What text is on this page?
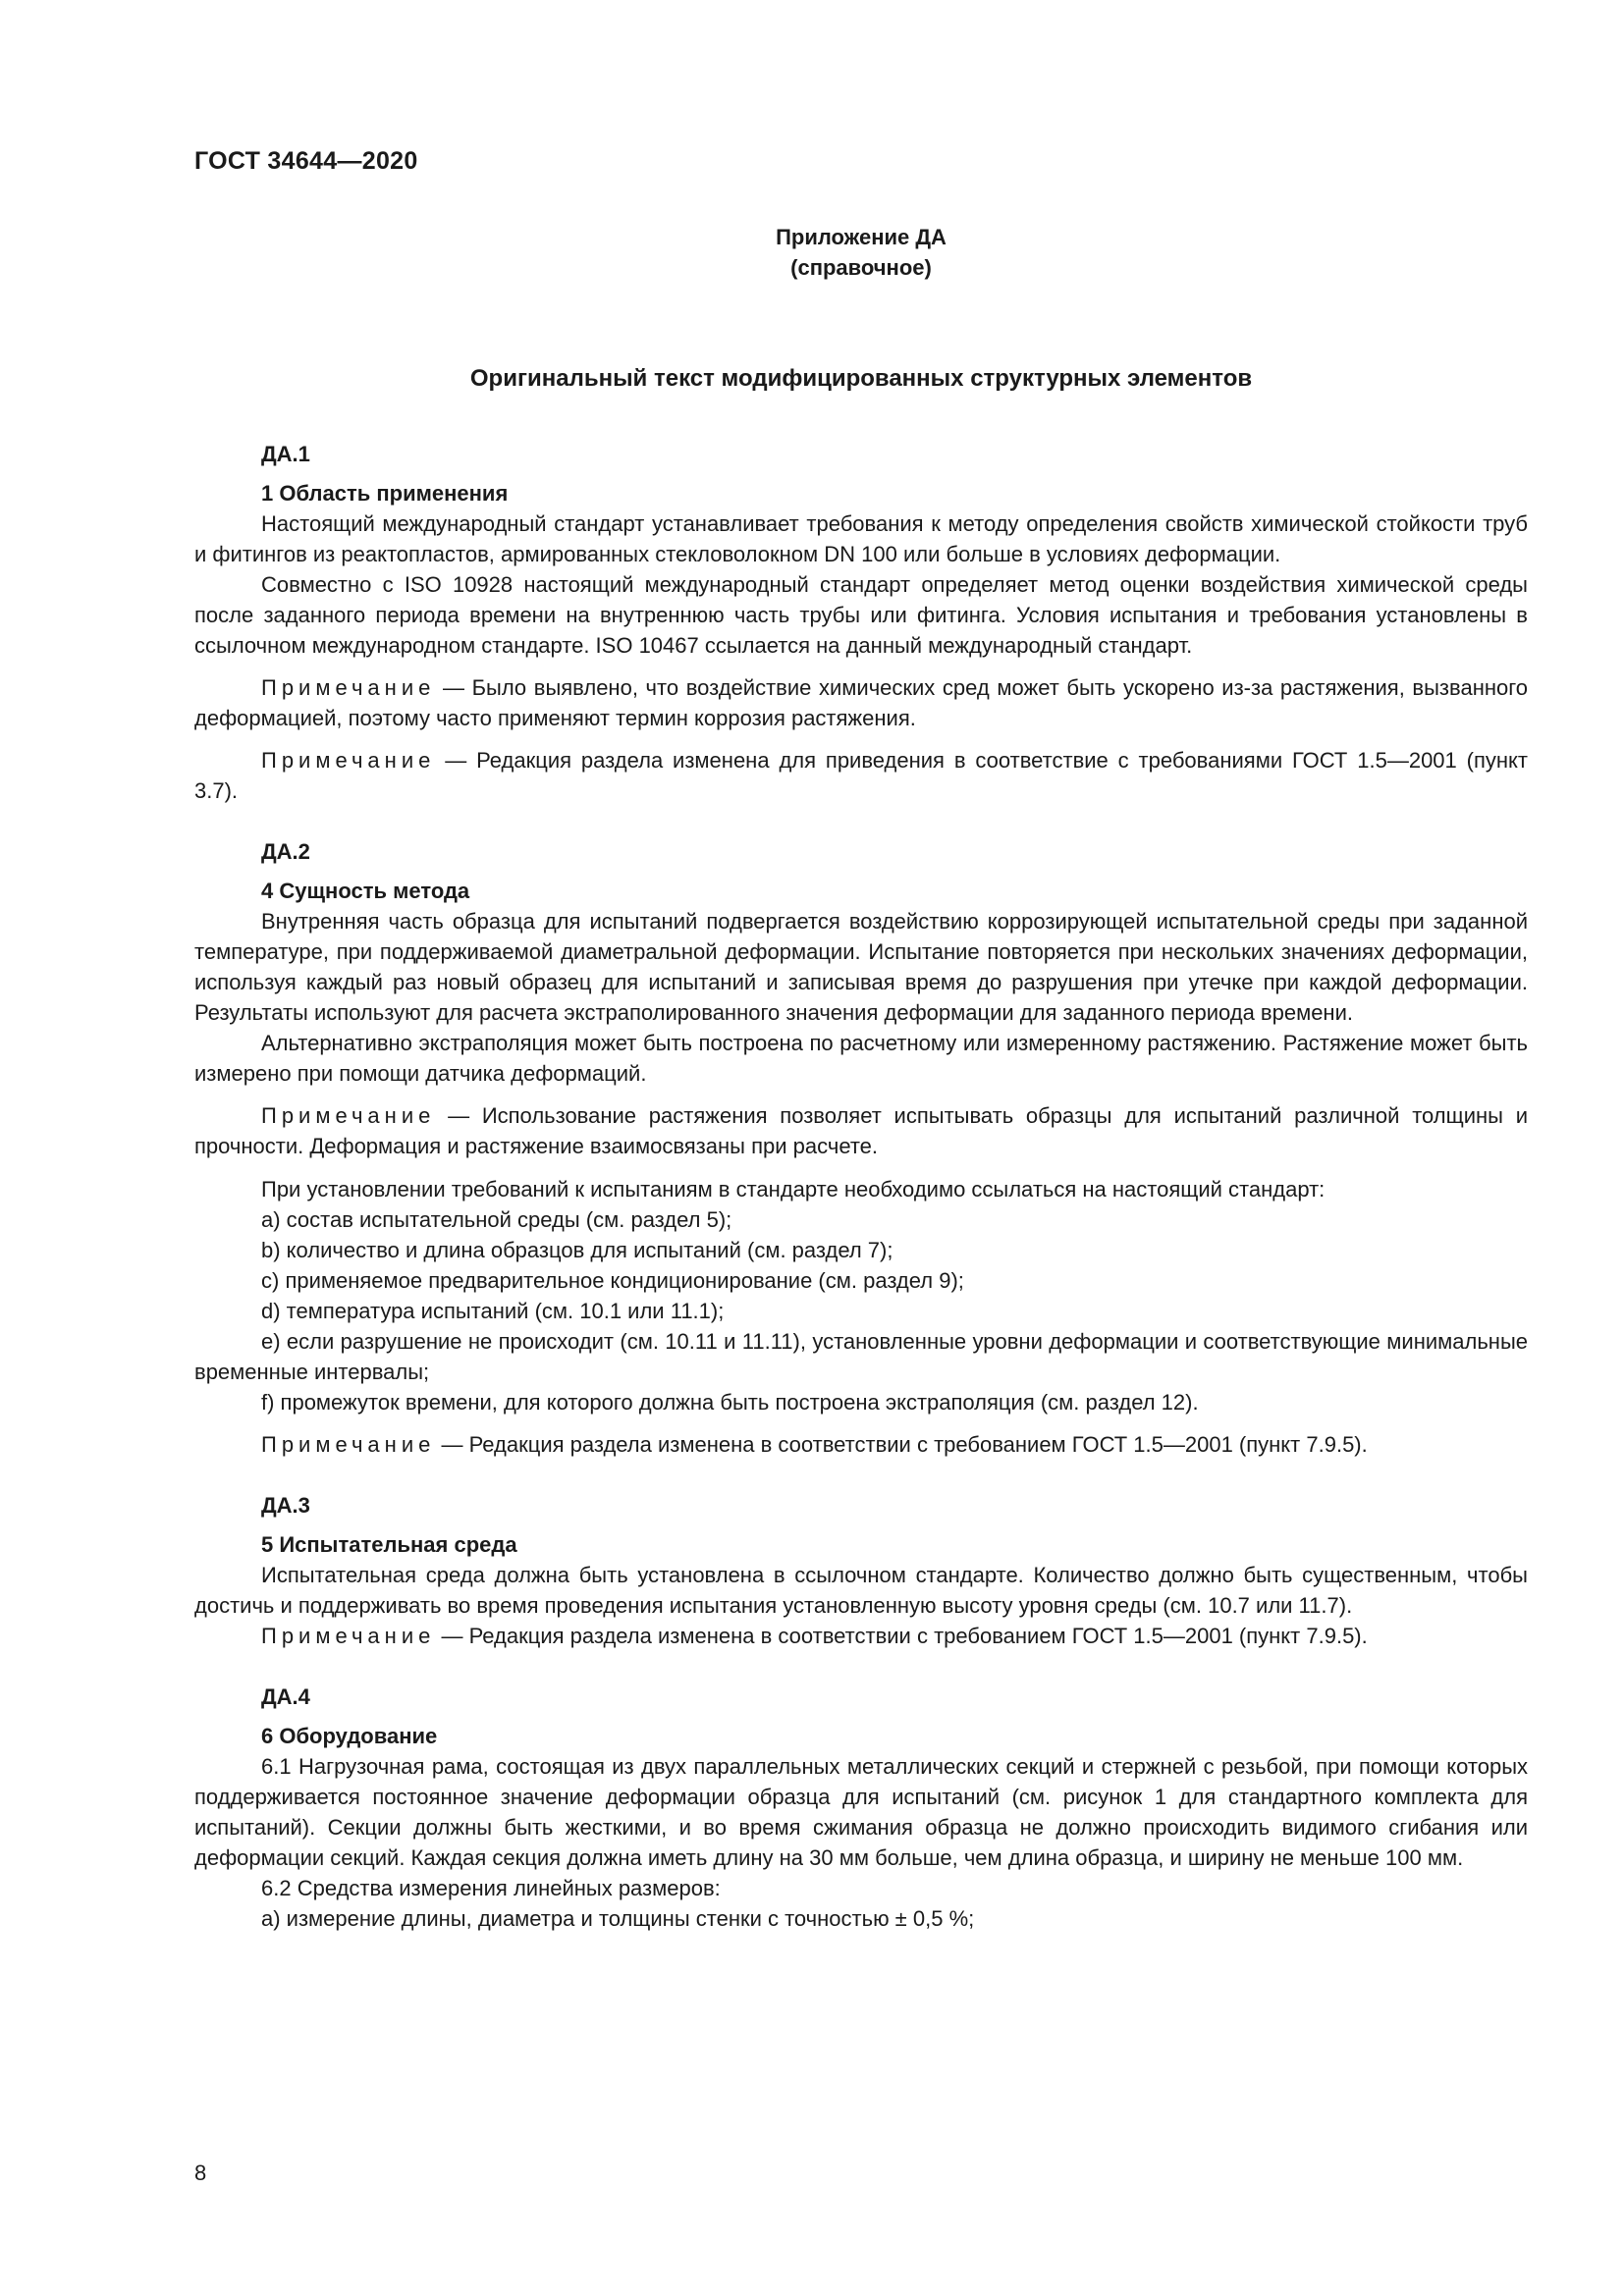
ГОСТ 34644—2020
Приложение ДА
(справочное)
Оригинальный текст модифицированных структурных элементов
ДА.1
1 Область применения

Настоящий международный стандарт устанавливает требования к методу определения свойств химической стойкости труб и фитингов из реактопластов, армированных стекловолокном DN 100 или больше в условиях деформации.

Совместно с ISO 10928 настоящий международный стандарт определяет метод оценки воздействия химической среды после заданного периода времени на внутреннюю часть трубы или фитинга. Условия испытания и требования установлены в ссылочном международном стандарте. ISO 10467 ссылается на данный международный стандарт.

Примечание — Было выявлено, что воздействие химических сред может быть ускорено из-за растяжения, вызванного деформацией, поэтому часто применяют термин коррозия растяжения.

Примечание — Редакция раздела изменена для приведения в соответствие с требованиями ГОСТ 1.5—2001 (пункт 3.7).

ДА.2
4 Сущность метода

Внутренняя часть образца для испытаний подвергается воздействию коррозирующей испытательной среды при заданной температуре, при поддерживаемой диаметральной деформации. Испытание повторяется при нескольких значениях деформации, используя каждый раз новый образец для испытаний и записывая время до разрушения при утечке при каждой деформации. Результаты используют для расчета экстраполированного значения деформации для заданного периода времени.

Альтернативно экстраполяция может быть построена по расчетному или измеренному растяжению. Растяжение может быть измерено при помощи датчика деформаций.

Примечание — Использование растяжения позволяет испытывать образцы для испытаний различной толщины и прочности. Деформация и растяжение взаимосвязаны при расчете.

При установлении требований к испытаниям в стандарте необходимо ссылаться на настоящий стандарт:

a) состав испытательной среды (см. раздел 5);

b) количество и длина образцов для испытаний (см. раздел 7);

c) применяемое предварительное кондиционирование (см. раздел 9);

d) температура испытаний (см. 10.1 или 11.1);

e) если разрушение не происходит (см. 10.11 и 11.11), установленные уровни деформации и соответствующие минимальные временные интервалы;

f) промежуток времени, для которого должна быть построена экстраполяция (см. раздел 12).

Примечание — Редакция раздела изменена в соответствии с требованием ГОСТ 1.5—2001 (пункт 7.9.5).

ДА.3
5 Испытательная среда

Испытательная среда должна быть установлена в ссылочном стандарте. Количество должно быть существенным, чтобы достичь и поддерживать во время проведения испытания установленную высоту уровня среды (см. 10.7 или 11.7).

Примечание — Редакция раздела изменена в соответствии с требованием ГОСТ 1.5—2001 (пункт 7.9.5).

ДА.4
6 Оборудование

6.1 Нагрузочная рама, состоящая из двух параллельных металлических секций и стержней с резьбой, при помощи которых поддерживается постоянное значение деформации образца для испытаний (см. рисунок 1 для стандартного комплекта для испытаний). Секции должны быть жесткими, и во время сжимания образца не должно происходить видимого сгибания или деформации секций. Каждая секция должна иметь длину на 30 мм больше, чем длина образца, и ширину не меньше 100 мм.

6.2 Средства измерения линейных размеров:

a) измерение длины, диаметра и толщины стенки с точностью ± 0,5 %;

8
